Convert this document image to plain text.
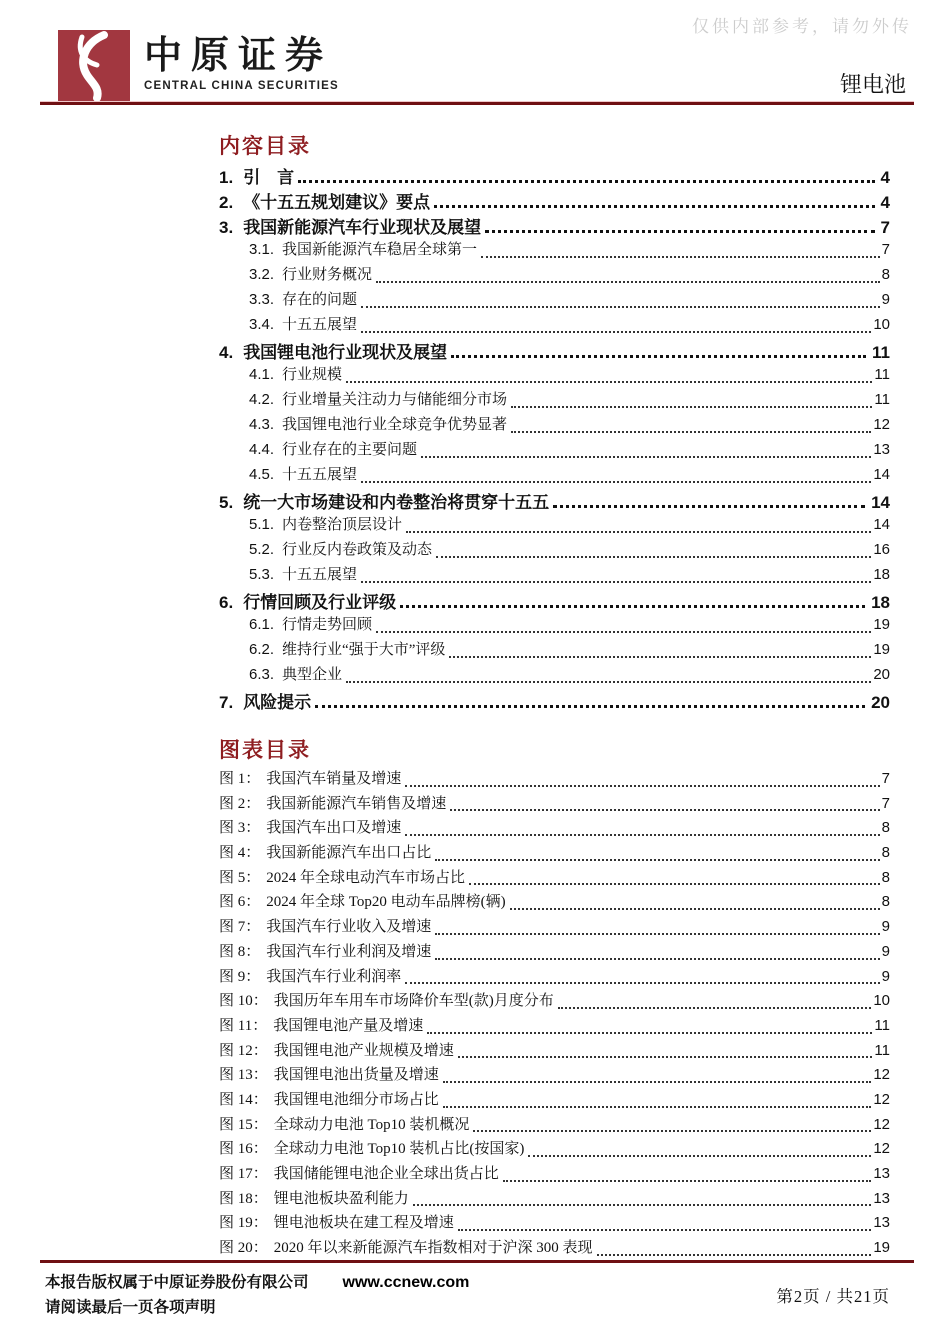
中原证券
CENTRAL CHINA SECURITIES
仅供内部参考，请勿外传
锂电池
内容目录
1. 引　言	4
2. 《十五五规划建议》要点	4
3. 我国新能源汽车行业现状及展望	7
3.1. 我国新能源汽车稳居全球第一	7
3.2. 行业财务概况	8
3.3. 存在的问题	9
3.4. 十五五展望	10
4. 我国锂电池行业现状及展望	11
4.1. 行业规模	11
4.2. 行业增量关注动力与储能细分市场	11
4.3. 我国锂电池行业全球竞争优势显著	12
4.4. 行业存在的主要问题	13
4.5. 十五五展望	14
5. 统一大市场建设和内卷整治将贯穿十五五	14
5.1. 内卷整治顶层设计	14
5.2. 行业反内卷政策及动态	16
5.3. 十五五展望	18
6. 行情回顾及行业评级	18
6.1. 行情走势回顾	19
6.2. 维持行业“强于大市”评级	19
6.3. 典型企业	20
7. 风险提示	20
图表目录
图 1： 我国汽车销量及增速	7
图 2： 我国新能源汽车销售及增速	7
图 3： 我国汽车出口及增速	8
图 4： 我国新能源汽车出口占比	8
图 5： 2024 年全球电动汽车市场占比	8
图 6： 2024 年全球 Top20 电动车品牌榜(辆)	8
图 7： 我国汽车行业收入及增速	9
图 8： 我国汽车行业利润及增速	9
图 9： 我国汽车行业利润率	9
图 10： 我国历年车用车市场降价车型(款)月度分布	10
图 11： 我国锂电池产量及增速	11
图 12： 我国锂电池产业规模及增速	11
图 13： 我国锂电池出货量及增速	12
图 14： 我国锂电池细分市场占比	12
图 15： 全球动力电池 Top10 装机概况	12
图 16： 全球动力电池 Top10 装机占比(按国家)	12
图 17： 我国储能锂电池企业全球出货占比	13
图 18： 锂电池板块盈利能力	13
图 19： 锂电池板块在建工程及增速	13
图 20： 2020 年以来新能源汽车指数相对于沪深 300 表现	19
本报告版权属于中原证券股份有限公司 www.ccnew.com
请阅读最后一页各项声明
第2页 / 共21页
